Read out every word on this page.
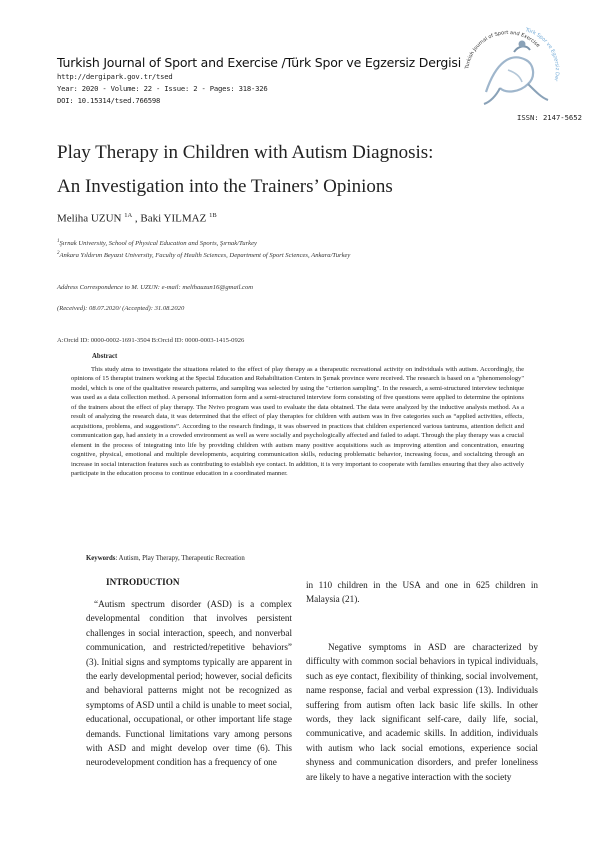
Turkish Journal of Sport and Exercise /Türk Spor ve Egzersiz Dergisi
http://dergipark.gov.tr/tsed
Year: 2020 - Volume: 22 - Issue: 2 - Pages: 318-326
DOI: 10.15314/tsed.766598
Turkish Journal of Sport and Exercise
Türk Spor ve Egzersiz Der
ISSN: 2147-5652
Play Therapy in Children with Autism Diagnosis:
An Investigation into the Trainers’ Opinions
Meliha UZUN $^{1A}$ , Baki YILMAZ $^{1B}$
$^1$Şırnak University, School of Physical Education and Sports, Şırnak/Turkey
$^2$Ankara Yıldırım Beyazıt University, Faculty of Health Sciences, Department of Sport Sciences, Ankara/Turkey
Address Correspondence to M. UZUN: e-mail: melihauzun16@gmail.com
(Received): 08.07.2020/ (Accepted): 31.08.2020
A:Orcid ID: 0000-0002-1691-3504 B:Orcid ID: 0000-0003-1415-0926
Abstract

This study aims to investigate the situations related to the effect of play therapy as a therapeutic recreational activity on individuals with autism. Accordingly, the opinions of 15 therapist trainers working at the Special Education and Rehabilitation Centers in Şırnak province were received. The research is based on a "phenomenology" model, which is one of the qualitative research patterns, and sampling was selected by using the "criterion sampling". In the research, a semi-structured interview technique was used as a data collection method. A personal information form and a semi-structured interview form consisting of five questions were applied to determine the opinions of the trainers about the effect of play therapy. The Nvivo program was used to evaluate the data obtained. The data were analyzed by the inductive analysis method. As a result of analyzing the research data, it was determined that the effect of play therapies for children with autism was in five categories such as “applied activities, effects, acquisitions, problems, and suggestions”. According to the research findings, it was observed in practices that children experienced various tantrums, attention deficit and communication gap, had anxiety in a crowded environment as well as were socially and psychologically affected and failed to adapt. Through the play therapy was a crucial element in the process of integrating into life by providing children with autism many positive acquisitions such as improving attention and concentration, ensuring cognitive, physical, emotional and multiple developments, acquiring communication skills, reducing problematic behavior, increasing focus, and socializing through an increase in social interaction features such as contributing to establish eye contact. In addition, it is very important to cooperate with families ensuring that they also actively participate in the education process to continue education in a coordinated manner.

Keywords: Autism, Play Therapy, Therapeutic Recreation
INTRODUCTION

“Autism spectrum disorder (ASD) is a complex developmental condition that involves persistent challenges in social interaction, speech, and nonverbal communication, and restricted/repetitive behaviors” (3). Initial signs and symptoms typically are apparent in the early developmental period; however, social deficits and behavioral patterns might not be recognized as symptoms of ASD until a child is unable to meet social, educational, occupational, or other important life stage demands. Functional limitations vary among persons with ASD and might develop over time (6). This neurodevelopment condition has a frequency of one

in 110 children in the USA and one in 625 children in Malaysia (21).

Negative symptoms in ASD are characterized by difficulty with common social behaviors in typical individuals, such as eye contact, flexibility of thinking, social involvement, name response, facial and verbal expression (13). Individuals suffering from autism often lack basic life skills. In other words, they lack significant self-care, daily life, social, communicative, and academic skills. In addition, individuals with autism who lack social emotions, experience social shyness and communication disorders, and prefer loneliness are likely to have a negative interaction with the society
